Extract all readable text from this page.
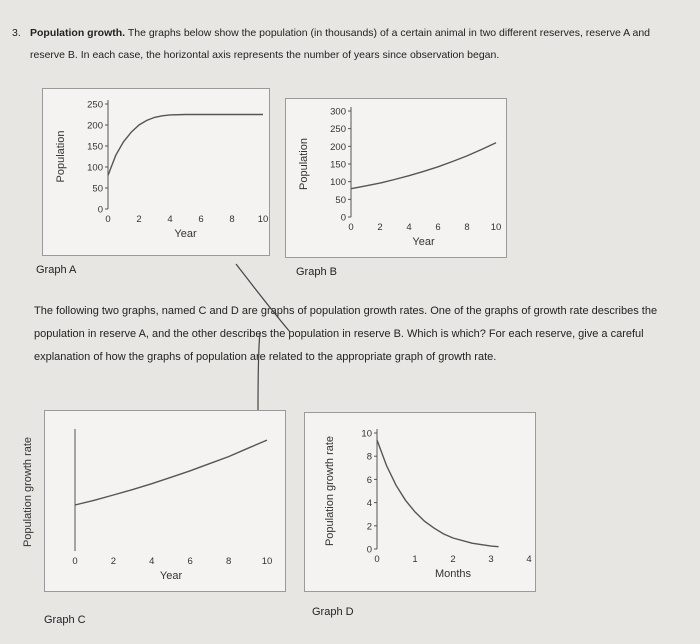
3. Population growth. The graphs below show the population (in thousands) of a certain animal in two different reserves, reserve A and reserve B. In each case, the horizontal axis represents the number of years since observation began.
Population
0
50
100
150
200
250
0	2	4	6	8 10
Year
Graph A
Population
0
50
100
150
200
250
300
0 2 4 6 8 10
Year
Graph B
The following two graphs, named C and D are graphs of population growth rates. One of the graphs of growth rate describes the population in reserve A, and the other describes the population in reserve B. Which is which? For each reserve, give a careful explanation of how the graphs of population are related to the appropriate graph of growth rate.
Population growth rate
0	2	4	6	8	10
Year
Graph C
Population growth rate
0
2
4
6
8
10
0	1	2	3	4
Months
Graph D
